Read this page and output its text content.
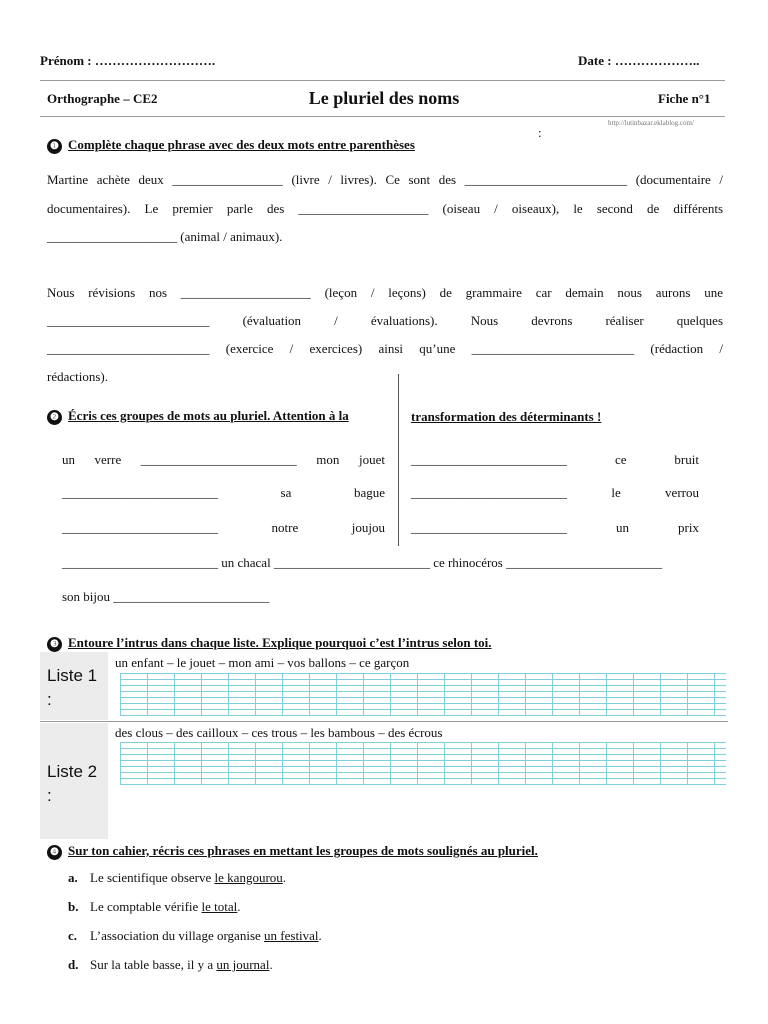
Prénom : ……………………….	Date : ………………..
Orthographe – CE2	Le pluriel des noms	Fiche n°1
http://lutinbazar.eklablog.com/
:
❶ Complète chaque phrase avec des deux mots entre parenthèses
Martine achète deux _________________ (livre / livres). Ce sont des _________________________ (documentaire /
documentaires). Le premier parle des ____________________ (oiseau / oiseaux), le second de différents
____________________ (animal / animaux).
Nous révisions nos ____________________ (leçon / leçons) de grammaire car demain nous aurons une
_________________________ (évaluation / évaluations). Nous devrons réaliser quelques
_________________________ (exercice / exercices) ainsi qu’une _________________________ (rédaction /
rédactions).
❷ Écris ces groupes de mots au pluriel. Attention à la	transformation des déterminants !
un verre ________________________ mon jouet
________________________	sa	bague
________________________	notre	joujou
________________________	ce	bruit
________________________	le	verrou
________________________	un	prix
________________________ un chacal ________________________ ce rhinocéros ________________________
son bijou ________________________
❸ Entoure l’intrus dans chaque liste. Explique pourquoi c’est l’intrus selon toi.
Liste 1
:
un enfant – le jouet – mon ami – vos ballons – ce garçon
Liste 2
:
des clous – des cailloux – ces trous – les bambous – des écrous
❹ Sur ton cahier, récris ces phrases en mettant les groupes de mots soulignés au pluriel.
a. Le scientifique observe le kangourou.
b. Le comptable vérifie le total.
c. L’association du village organise un festival.
d. Sur la table basse, il y a un journal.
